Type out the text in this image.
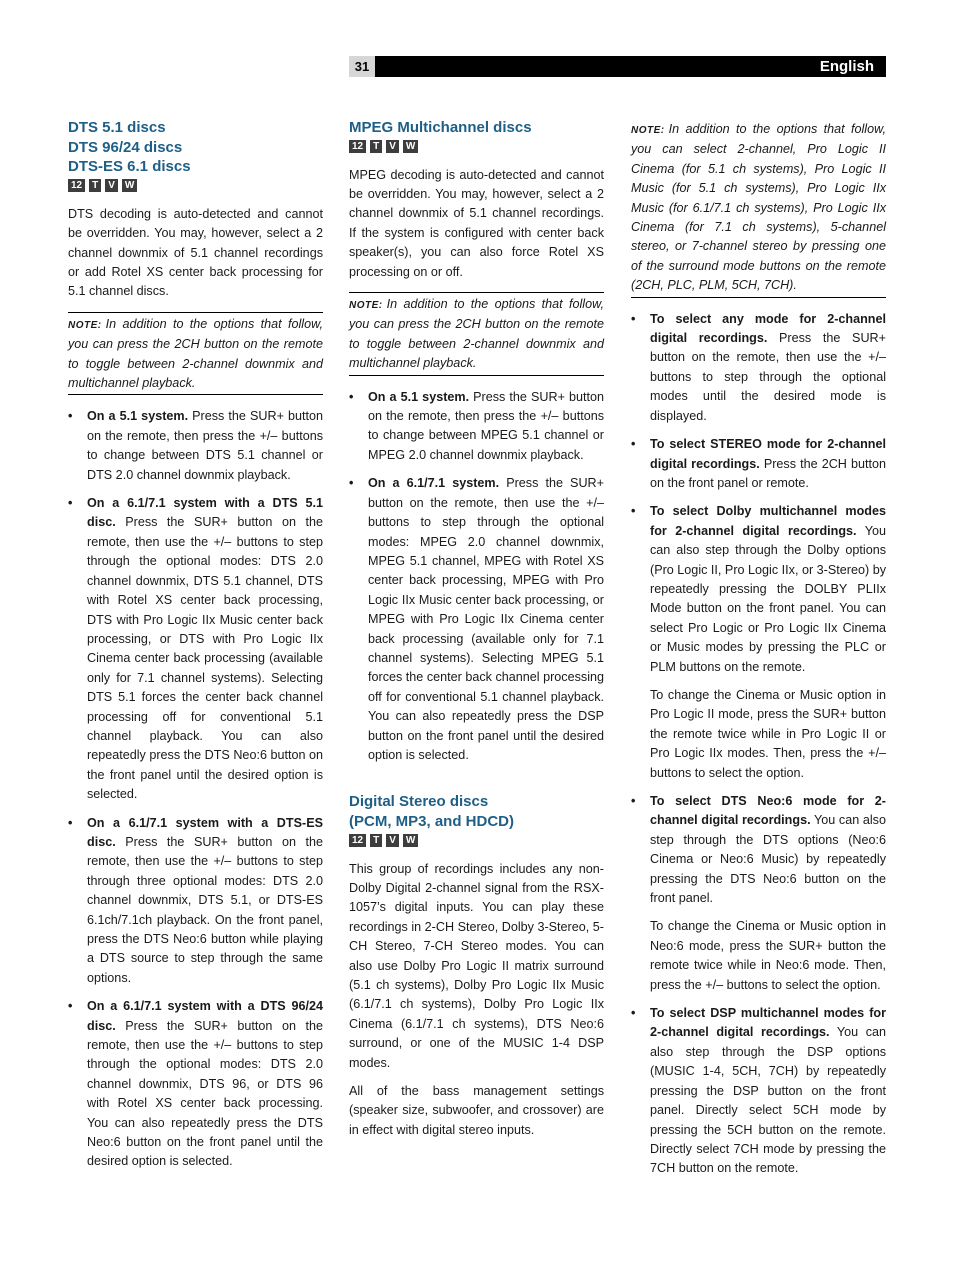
31	English
DTS 5.1 discs
DTS 96/24 discs
DTS-ES 6.1 discs
12 T V W

DTS decoding is auto-detected and cannot be overridden. You may, however, select a 2 channel downmix of 5.1 channel recordings or add Rotel XS center back processing for 5.1 channel discs.

NOTE: In addition to the options that follow, you can press the 2CH button on the remote to toggle between 2-channel downmix and multichannel playback.
• On a 5.1 system. Press the SUR+ button on the remote, then press the +/– buttons to change between DTS 5.1 channel or DTS 2.0 channel downmix playback.
• On a 6.1/7.1 system with a DTS 5.1 disc. Press the SUR+ button on the remote, then use the +/– buttons to step through the optional modes: DTS 2.0 channel downmix, DTS 5.1 channel, DTS with Rotel XS center back processing, DTS with Pro Logic IIx Music center back processing, or DTS with Pro Logic IIx Cinema center back processing (available only for 7.1 channel systems). Selecting DTS 5.1 forces the center back channel processing off for conventional 5.1 channel playback. You can also repeatedly press the DTS Neo:6 button on the front panel until the desired option is selected.
• On a 6.1/7.1 system with a DTS-ES disc. Press the SUR+ button on the remote, then use the +/– buttons to step through three optional modes: DTS 2.0 channel downmix, DTS 5.1, or DTS-ES 6.1ch/7.1ch playback. On the front panel, press the DTS Neo:6 button while playing a DTS source to step through the same options.
• On a 6.1/7.1 system with a DTS 96/24 disc. Press the SUR+ button on the remote, then use the +/– buttons to step through the optional modes: DTS 2.0 channel downmix, DTS 96, or DTS 96 with Rotel XS center back processing. You can also repeatedly press the DTS Neo:6 button on the front panel until the desired option is selected.
MPEG Multichannel discs
12 T V W

MPEG decoding is auto-detected and cannot be overridden. You may, however, select a 2 channel downmix of 5.1 channel recordings. If the system is configured with center back speaker(s), you can also force Rotel XS processing on or off.

NOTE: In addition to the options that follow, you can press the 2CH button on the remote to toggle between 2-channel downmix and multichannel playback.
• On a 5.1 system. Press the SUR+ button on the remote, then press the +/– buttons to change between MPEG 5.1 channel or MPEG 2.0 channel downmix playback.
• On a 6.1/7.1 system. Press the SUR+ button on the remote, then use the +/– buttons to step through the optional modes: MPEG 2.0 channel downmix, MPEG 5.1 channel, MPEG with Rotel XS center back processing, MPEG with Pro Logic IIx Music center back processing, or MPEG with Pro Logic IIx Cinema center back processing (available only for 7.1 channel systems). Selecting MPEG 5.1 forces the center back channel processing off for conventional 5.1 channel playback. You can also repeatedly press the DSP button on the front panel until the desired option is selected.
Digital Stereo discs
(PCM, MP3, and HDCD)
12 T V W

This group of recordings includes any non-Dolby Digital 2-channel signal from the RSX-1057’s digital inputs. You can play these recordings in 2-CH Stereo, Dolby 3-Stereo, 5-CH Stereo, 7-CH Stereo modes. You can also use Dolby Pro Logic II matrix surround (5.1 ch systems), Dolby Pro Logic IIx Music (6.1/7.1 ch systems), Dolby Pro Logic IIx Cinema (6.1/7.1 ch systems), DTS Neo:6 surround, or one of the MUSIC 1-4 DSP modes.

All of the bass management settings (speaker size, subwoofer, and crossover) are in effect with digital stereo inputs.

NOTE: In addition to the options that follow, you can select 2-channel, Pro Logic II Cinema (for 5.1 ch systems), Pro Logic II Music (for 5.1 ch systems), Pro Logic IIx Music (for 6.1/7.1 ch systems), Pro Logic IIx Cinema (for 7.1 ch systems), 5-channel stereo, or 7-channel stereo by pressing one of the surround mode buttons on the remote (2CH, PLC, PLM, 5CH, 7CH).
• To select any mode for 2-channel digital recordings. Press the SUR+ button on the remote, then use the +/– buttons to step through the optional modes until the desired mode is displayed.
• To select STEREO mode for 2-channel digital recordings. Press the 2CH button on the front panel or remote.
• To select Dolby multichannel modes for 2-channel digital recordings. You can also step through the Dolby options (Pro Logic II, Pro Logic IIx, or 3-Stereo) by repeatedly pressing the DOLBY PLIIx Mode button on the front panel. You can select Pro Logic or Pro Logic IIx Cinema or Music modes by pressing the PLC or PLM buttons on the remote.
To change the Cinema or Music option in Pro Logic II mode, press the SUR+ button the remote twice while in Pro Logic II or Pro Logic IIx modes. Then, press the +/– buttons to select the option.
• To select DTS Neo:6 mode for 2-channel digital recordings. You can also step through the DTS options (Neo:6 Cinema or Neo:6 Music) by repeatedly pressing the DTS Neo:6 button on the front panel.
To change the Cinema or Music option in Neo:6 mode, press the SUR+ button the remote twice while in Neo:6 mode. Then, press the +/– buttons to select the option.
• To select DSP multichannel modes for 2-channel digital recordings. You can also step through the DSP options (MUSIC 1-4, 5CH, 7CH) by repeatedly pressing the DSP button on the front panel. Directly select 5CH mode by pressing the 5CH button on the remote. Directly select 7CH mode by pressing the 7CH button on the remote.
